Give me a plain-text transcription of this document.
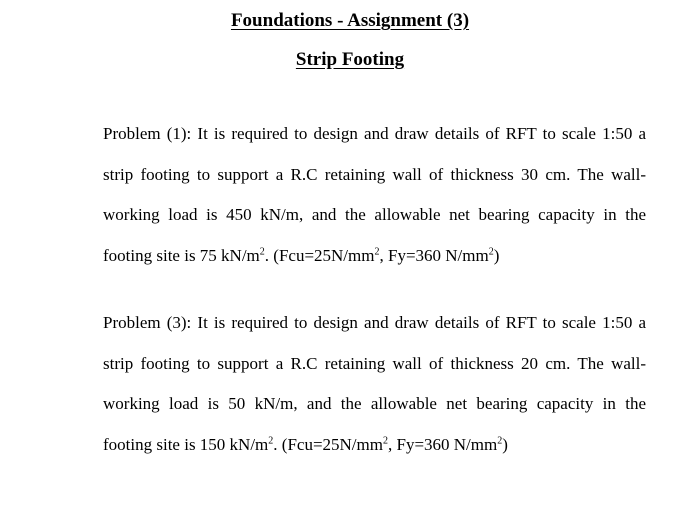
Foundations - Assignment (3)
Strip Footing
Problem (1): It is required to design and draw details of RFT to scale 1:50 a
strip footing to support a R.C retaining wall of thickness 30 cm. The wall-
working load is 450 kN/m, and the allowable net bearing capacity in the
footing site is 75 $kN/m^2$. ($Fcu=25N/mm^2$, Fy=360 $N/mm^2$)
Problem (3): It is required to design and draw details of RFT to scale 1:50 a
strip footing to support a R.C retaining wall of thickness 20 cm. The wall-
working load is 50 kN/m, and the allowable net bearing capacity in the
footing site is 150 $kN/m^2$. ($Fcu=25N/mm^2$, Fy=360 $N/mm^2$)
